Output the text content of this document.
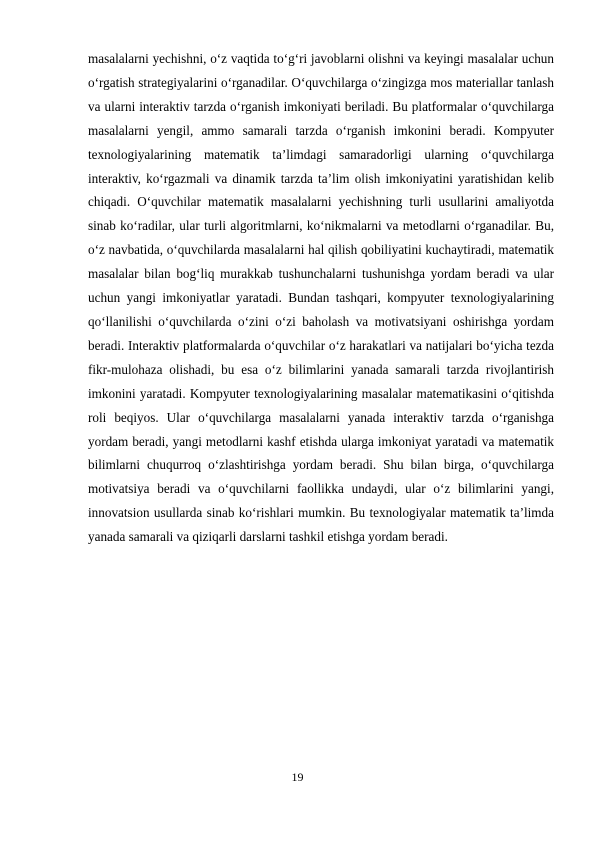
masalalarni yechishni, o‘z vaqtida to‘g‘ri javoblarni olishni va keyingi masalalar uchun o‘rgatish strategiyalarini o‘rganadilar. O‘quvchilarga o‘zingizga mos materiallar tanlash va ularni interaktiv tarzda o‘rganish imkoniyati beriladi. Bu platformalar o‘quvchilarga masalalarni yengil, ammo samarali tarzda o‘rganish imkonini beradi. Kompyuter texnologiyalarining matematik ta’limdagi samaradorligi ularning o‘quvchilarga interaktiv, ko‘rgazmali va dinamik tarzda ta’lim olish imkoniyatini yaratishidan kelib chiqadi. O‘quvchilar matematik masalalarni yechishning turli usullarini amaliyotda sinab ko‘radilar, ular turli algoritmlarni, ko‘nikmalarni va metodlarni o‘rganadilar. Bu, o‘z navbatida, o‘quvchilarda masalalarni hal qilish qobiliyatini kuchaytiradi, matematik masalalar bilan bog‘liq murakkab tushunchalarni tushunishga yordam beradi va ular uchun yangi imkoniyatlar yaratadi. Bundan tashqari, kompyuter texnologiyalarining qo‘llanilishi o‘quvchilarda o‘zini o‘zi baholash va motivatsiyani oshirishga yordam beradi. Interaktiv platformalarda o‘quvchilar o‘z harakatlari va natijalari bo‘yicha tezda fikr-mulohaza olishadi, bu esa o‘z bilimlarini yanada samarali tarzda rivojlantirish imkonini yaratadi. Kompyuter texnologiyalarining masalalar matematikasini o‘qitishda roli beqiyos. Ular o‘quvchilarga masalalarni yanada interaktiv tarzda o‘rganishga yordam beradi, yangi metodlarni kashf etishda ularga imkoniyat yaratadi va matematik bilimlarni chuqurroq o‘zlashtirishga yordam beradi. Shu bilan birga, o‘quvchilarga motivatsiya beradi va o‘quvchilarni faollikka undaydi, ular o‘z bilimlarini yangi, innovatsion usullarda sinab ko‘rishlari mumkin. Bu texnologiyalar matematik ta’limda yanada samarali va qiziqarli darslarni tashkil etishga yordam beradi.

19
